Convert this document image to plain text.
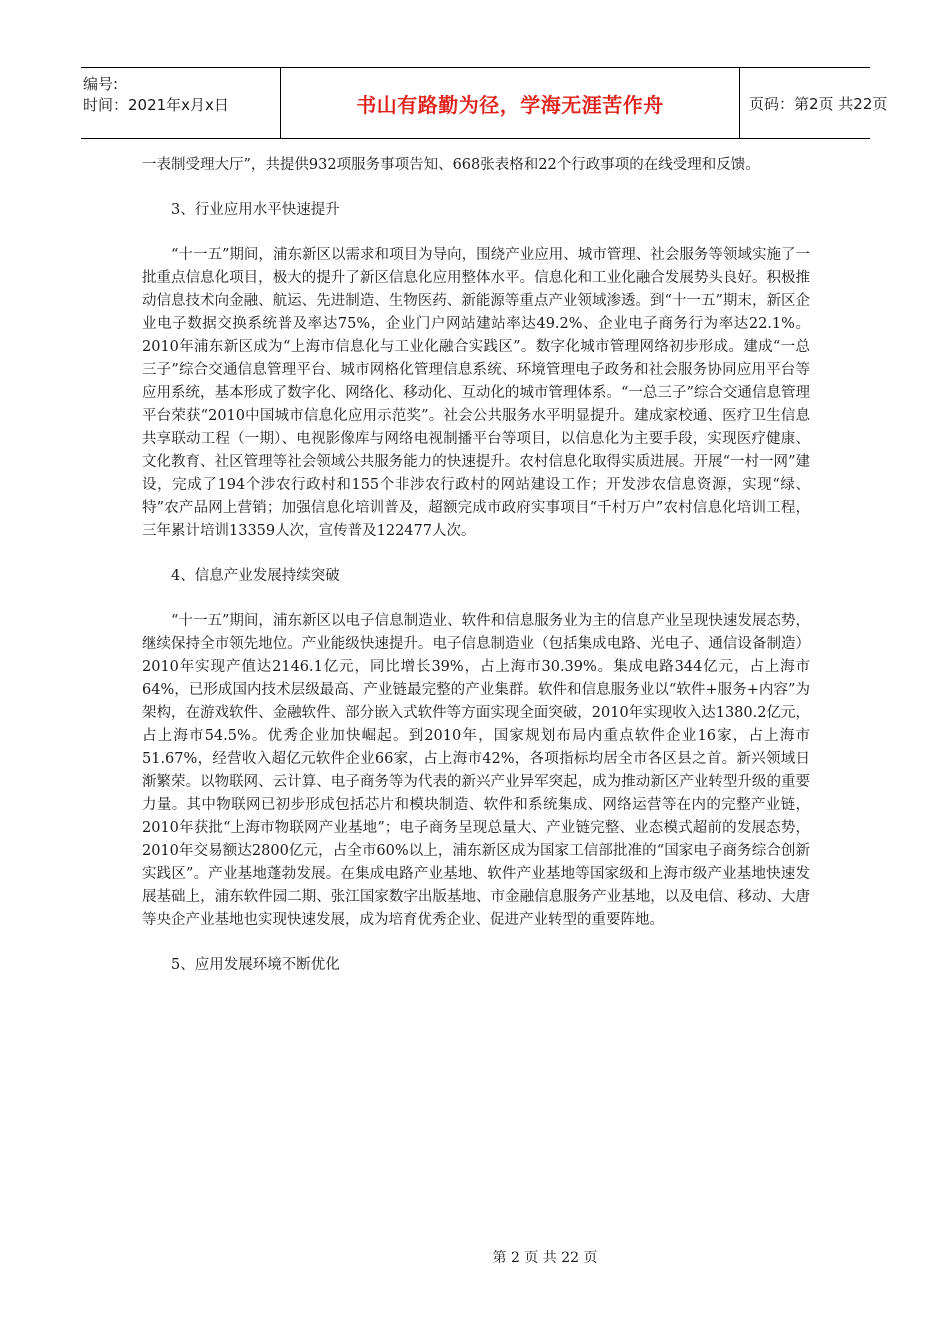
编号:
时间：2021年x月x日	书山有路勤为径，学海无涯苦作舟	页码：第2页 共22页

一表制受理大厅”，共提供932项服务事项告知、668张表格和22个行政事项的在线受理和反馈。

3、行业应用水平快速提升

“十一五”期间，浦东新区以需求和项目为导向，围绕产业应用、城市管理、社会服务等领域实施了一批重点信息化项目，极大的提升了新区信息化应用整体水平。信息化和工业化融合发展势头良好。积极推动信息技术向金融、航运、先进制造、生物医药、新能源等重点产业领域渗透。到“十一五”期末，新区企业电子数据交换系统普及率达75%，企业门户网站建站率达49.2%、企业电子商务行为率达22.1%。2010年浦东新区成为“上海市信息化与工业化融合实践区”。数字化城市管理网络初步形成。建成“一总三子”综合交通信息管理平台、城市网格化管理信息系统、环境管理电子政务和社会服务协同应用平台等应用系统，基本形成了数字化、网络化、移动化、互动化的城市管理体系。“一总三子”综合交通信息管理平台荣获“2010中国城市信息化应用示范奖”。社会公共服务水平明显提升。建成家校通、医疗卫生信息共享联动工程（一期）、电视影像库与网络电视制播平台等项目，以信息化为主要手段，实现医疗健康、文化教育、社区管理等社会领域公共服务能力的快速提升。农村信息化取得实质进展。开展“一村一网”建设，完成了194个涉农行政村和155个非涉农行政村的网站建设工作；开发涉农信息资源，实现“绿、特”农产品网上营销；加强信息化培训普及，超额完成市政府实事项目“千村万户”农村信息化培训工程，三年累计培训13359人次，宣传普及122477人次。

4、信息产业发展持续突破

“十一五”期间，浦东新区以电子信息制造业、软件和信息服务业为主的信息产业呈现快速发展态势，继续保持全市领先地位。产业能级快速提升。电子信息制造业（包括集成电路、光电子、通信设备制造）2010年实现产值达2146.1亿元，同比增长39%，占上海市30.39%。集成电路344亿元，占上海市64%，已形成国内技术层级最高、产业链最完整的产业集群。软件和信息服务业以“软件+服务+内容”为架构，在游戏软件、金融软件、部分嵌入式软件等方面实现全面突破，2010年实现收入达1380.2亿元，占上海市54.5%。优秀企业加快崛起。到2010年，国家规划布局内重点软件企业16家，占上海市51.67%，经营收入超亿元软件企业66家，占上海市42%，各项指标均居全市各区县之首。新兴领域日渐繁荣。以物联网、云计算、电子商务等为代表的新兴产业异军突起，成为推动新区产业转型升级的重要力量。其中物联网已初步形成包括芯片和模块制造、软件和系统集成、网络运营等在内的完整产业链，2010年获批“上海市物联网产业基地”；电子商务呈现总量大、产业链完整、业态模式超前的发展态势，2010年交易额达2800亿元，占全市60%以上，浦东新区成为国家工信部批准的“国家电子商务综合创新实践区”。产业基地蓬勃发展。在集成电路产业基地、软件产业基地等国家级和上海市级产业基地快速发展基础上，浦东软件园二期、张江国家数字出版基地、市金融信息服务产业基地，以及电信、移动、大唐等央企产业基地也实现快速发展，成为培育优秀企业、促进产业转型的重要阵地。

5、应用发展环境不断优化

第 2 页 共 22 页
